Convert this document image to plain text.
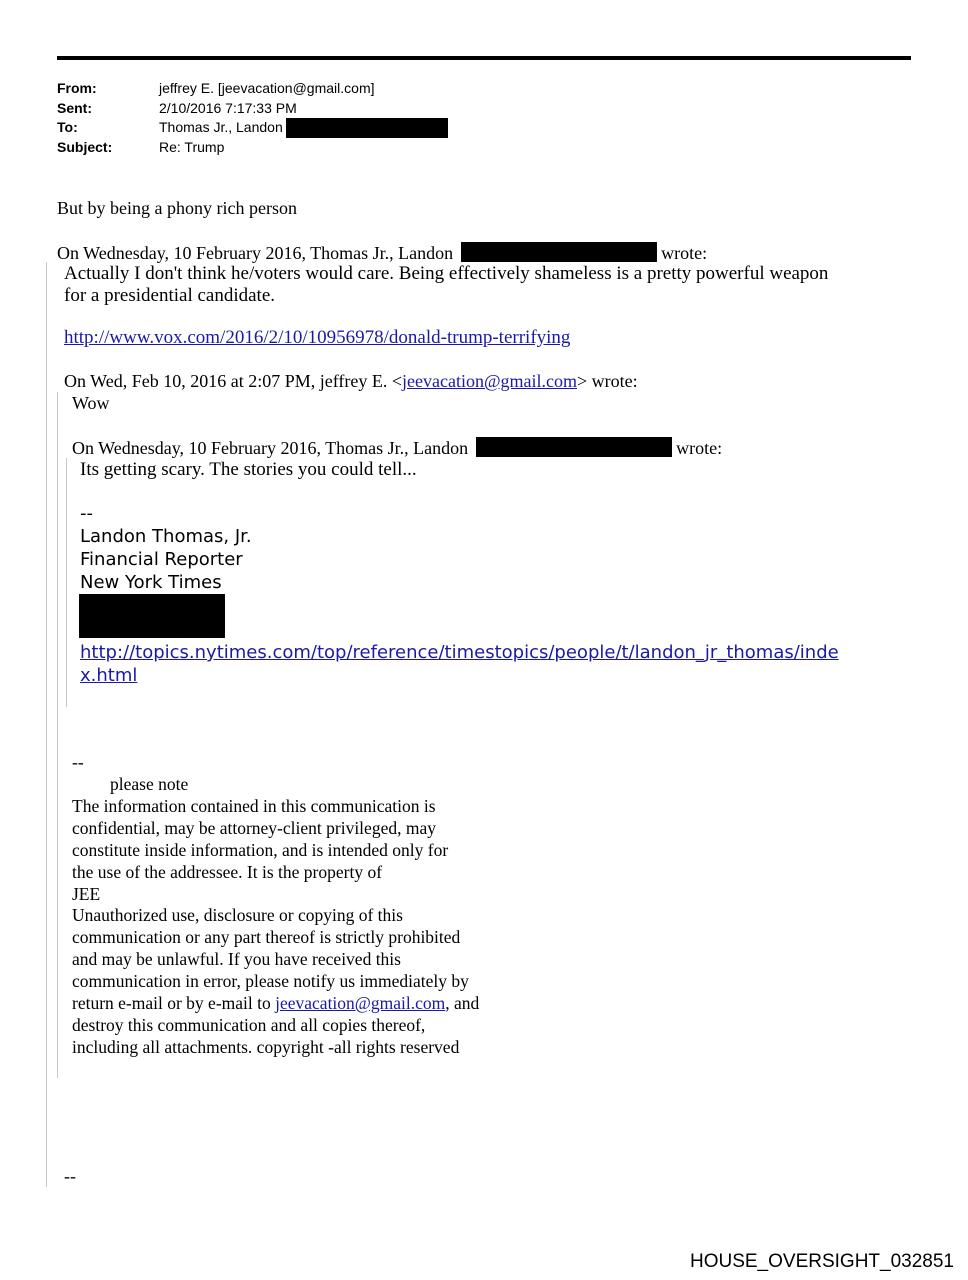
From:	jeffrey E. [jeevacation@gmail.com]
Sent:	2/10/2016 7:17:33 PM
To:	Thomas Jr., Landon
Subject:	Re: Trump
But by being a phony rich person
On Wednesday, 10 February 2016, Thomas Jr., Landon	wrote:
Actually I don't think he/voters would care. Being effectively shameless is a pretty powerful weapon
for a presidential candidate.
http://www.vox.com/2016/2/10/10956978/donald-trump-terrifying
On Wed, Feb 10, 2016 at 2:07 PM, jeffrey E. <jeevacation@gmail.com> wrote:
Wow
On Wednesday, 10 February 2016, Thomas Jr., Landon	wrote:
Its getting scary. The stories you could tell...
--
Landon Thomas, Jr.
Financial Reporter
New York Times
http://topics.nytimes.com/top/reference/timestopics/people/t/landon_jr_thomas/inde
x.html
--
please note
The information contained in this communication is
confidential, may be attorney-client privileged, may
constitute inside information, and is intended only for
the use of the addressee. It is the property of
JEE
Unauthorized use, disclosure or copying of this
communication or any part thereof is strictly prohibited
and may be unlawful. If you have received this
communication in error, please notify us immediately by
return e-mail or by e-mail to jeevacation@gmail.com, and
destroy this communication and all copies thereof,
including all attachments. copyright -all rights reserved
--
HOUSE_OVERSIGHT_032851
